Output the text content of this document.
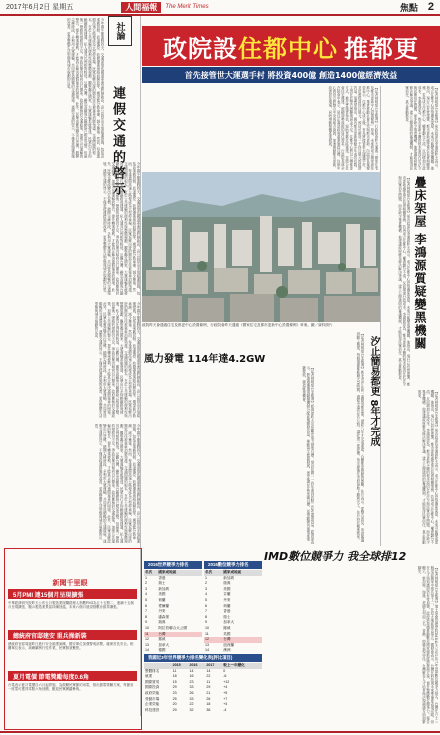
2017年6月2日 星期五	人間福報	The Merit Times	焦點 2
社論
連假交通的啓示
今年端午節連假四天，交通部預估國道車流量將創新高，高公局祭出多項疏運措施，包括高乘載管制、匝道儀控、收費優惠與路肩開放等，期望能分散車潮、減少壅塞。然而，每逢連假高速公路便成為大型停車場，民眾返鄉出遊的興致往往被塞車消磨殆盡。交通問題的根本，在於公共運輸的便利性與整體規劃。觀察鄰近國家，大眾運輸系統發達，民眾出行多仰賴鐵路與捷運，私人運具比例相對較低。反觀台灣，雖然高鐵與台鐵網絡已相當完整，但最後一哩路的接駁仍不足，導致民眾仍傾向自行開車。政府應檢討交通政策，加強公共運輸的整合，提升轉乘便利，才能真正解決連假塞車的困境。此外，民眾也應改變出行習慣，錯開尖峰時段，多利用大眾運輸，共同營造順暢的交通環境。連假交通的啓示，不僅是疏運措施的改善，更是整體生活型態與城市規劃的反思。
今年端午節連假四天，交通部預估國道車流量將創新高，高公局祭出多項疏運措施，包括高乘載管制、匝道儀控、收費優惠與路肩開放等，期望能分散車潮、減少壅塞。然而，每逢連假高速公路便成為大型停車場，民眾返鄉出遊的興致往往被塞車消磨殆盡。交通問題的根本，在於公共運輸的便利性與整體規劃。觀察鄰近國家，大眾運輸系統發達，民眾出行多仰賴鐵路與捷運，私人運具比例相對較低。反觀台灣，雖然高鐵與台鐵網絡已相當完整，但最後一哩路的接駁仍不足，導致民眾仍傾向自行開車。政府應檢討交通政策，加強公共運輸的整合，提升轉乘便利，才能真正解決連假塞車的困境。此外，民眾也應改變出行習慣，錯開尖峰時段，多利用大眾運輸，共同營造順暢的交通環境。連假交通的啓示，不僅是疏運措施的改善，更是整體生活型態與城市規劃的反思。
今年端午節連假四天，交通部預估國道車流量將創新高，高公局祭出多項疏運措施，包括高乘載管制、匝道儀控、收費優惠與路肩開放等，期望能分散車潮、減少壅塞。然而，每逢連假高速公路便成為大型停車場，民眾返鄉出遊的興致往往被塞車消磨殆盡。交通問題的根本，在於公共運輸的便利性與整體規劃。觀察鄰近國家，大眾運輸系統發達，民眾出行多仰賴鐵路與捷運，私人運具比例相對較低。反觀台灣，雖然高鐵與台鐵網絡已相當完整，但最後一哩路的接駁仍不足，導致民眾仍傾向自行開車。政府應檢討交通政策，加強公共運輸的整合，提升轉乘便利，才能真正解決連假塞車的困境。此外，民眾也應改變出行習慣，錯開尖峰時段，多利用大眾運輸，共同營造順暢的交通環境。連假交通的啓示，不僅是疏運措施的改善，更是整體生活型態與城市規劃的反思。
今年端午節連假四天，交通部預估國道車流量將創新高，高公局祭出多項疏運措施，包括高乘載管制、匝道儀控、收費優惠與路肩開放等，期望能分散車潮、減少壅塞。然而，每逢連假高速公路便成為大型停車場，民眾返鄉出遊的興致往往被塞車消磨殆盡。交通問題的根本，在於公共運輸的便利性與整體規劃。觀察鄰近國家，大眾運輸系統發達，民眾出行多仰賴鐵路與捷運，私人運具比例相對較低。反觀台灣，雖然高鐵與台鐵網絡已相當完整，但最後一哩路的接駁仍不足，導致民眾仍傾向自行開車。政府應檢討交通政策，加強公共運輸的整合，提升轉乘便利，才能真正解決連假塞車的困境。此外，民眾也應改變出行習慣，錯開尖峰時段，多利用大眾運輸，共同營造順暢的交通環境。連假交通的啓示，不僅是疏運措施的改善，更是整體生活型態與城市規劃的反思。
新聞千里眼
5月PMI 連15個月呈現擴張
中華經濟研究院昨天公布五月製造業採購經理人指數PMI為五十五點二，連續十五個月呈現擴張，顯示製造業景氣持續回溫，未來六個月展望指數亦維持擴張。
總統府官邸建安 重兵操新裝
總統府官邸周邊昨日進行安全維護演練，國安單位加強警戒部署，確保首長安全。相關單位表示，演練屬例行性作業，民眾無須驚慌。
夏月電價 節電獎勵每度0.6角
台電表示夏月電價自六月起實施，為鼓勵民眾節約用電，推出節電獎勵方案，每節省一度電可獲得零點六角回饋，歡迎民眾踴躍參與。
政院設 住都中心 推都更
首先接管世大運選手村 將投資400億 創造1400億經濟效益
【記者林明煌台北報導】行政院會昨天通過「國家住宅及都市更新中心設置條例」草案，未來將成立國家級住都中心，專責推動社會住宅與都市更新。內政部長葉俊榮表示，住都中心成立後，首先將接管世大運選手村，並計畫投資四百億元，預估可創造一千四百億元的經濟效益。葉俊榮指出，國內都市更新推動多年成效有限，主因在於整合困難與資金不足。住都中心將以公辦都更方式，擔任實施者角色，協助老舊社區重建，並結合社會住宅興建，照顧弱勢族群的居住需求。行政院長林全在院會中表示，居住正義是政府重要施政目標，住都中心的設立將整合中央與地方資源，加速推動都市更新，改善居住環境，同時帶動相關產業發展。
政院昨天會通過住宅及都更中心設置條例，行政院會昨天通過《國家住宅及都市更新中心設置條例》草案。圖／資料照片	疊床架屋 李鴻源質疑變黑機關
【記者林明煌台北報導】前內政部長李鴻源昨天表示，成立住都中心恐怕疊床架屋，未來可能變成黑機關。他指出，現行已有營建署、都市更新處等單位負責相關業務，若再成立住都中心，權責劃分不清，反而增加行政成本。李鴻源認為，都市更新卡關的根本原因在於法令與民眾信任問題，而非缺少專責機構。他建議政府應先修法解決爭議，建立公開透明的審議機制，才能取得民眾信任，真正推動都更。
【記者林明煌台北報導】前內政部長李鴻源昨天表示，成立住都中心恐怕疊床架屋，未來可能變成黑機關。他指出，現行已有營建署、都市更新處等單位負責相關業務，若再成立住都中心，權責劃分不清，反而增加行政成本。李鴻源認為，都市更新卡關的根本原因在於法令與民眾信任問題，而非缺少專責機構。他建議政府應先修法解決爭議，建立公開透明的審議機制，才能取得民眾信任，真正推動都更。
汐止簡易都更 8年才完成
【記者林明煌台北報導】新北市汐止區一處簡易都更案，歷經八年才完成重建，凸顯都更推動的困難。住戶表示，從整合意見、申請審議到動工興建，每個環節都耗費大量時間，過程中還有住戶反對，讓計畫一度停擺。所幸最後在市府協助下順利完工，住戶終於搬進新家。	【記者林明煌台北報導】前內政部長李鴻源昨天表示，成立住都中心恐怕疊床架屋，未來可能變成黑機關。他指出，現行已有營建署、都市更新處等單位負責相關業務，若再成立住都中心，權責劃分不清，反而增加行政成本。李鴻源認為，都市更新卡關的根本原因在於法令與民眾信任問題，而非缺少專責機構。他建議政府應先修法解決爭議，建立公開透明的審議機制，才能取得民眾信任，真正推動都更。
風力發電 114年達4.2GW
【記者林明煌台北報導】經濟部昨天宣布離岸風力發電目標，預計民國一一四年達到四點二GW裝置容量。經濟部表示，將透過遴選與競價機制分配區塊開發容量，推動再生能源發展，逐步落實非核家園目標，並帶動國內風電產業鏈發展，創造就業機會。
IMD數位競爭力 我全球排12
【記者林明煌台北報導】瑞士洛桑管理學院IMD昨天公布2017年世界數位競爭力排名，台灣在六十三個受評國家中排名第十二，在亞太地區排名第五。國發會表示，台灣在科技與未來準備度表現亮眼，但在人才與知識面仍有待加強，政府將持續推動數位國家創新經濟發展方案，提升整體數位競爭力。報告顯示，新加坡、瑞典、美國名列前三名，香港、南韓表現亦佳，台灣應在人才培育與法規調適方面加緊腳步。
2016世界競爭力排名
名次	國家或地區
1	香港
2	瑞士
3	新加坡
4	美國
5	荷蘭
6	愛爾蘭
7	丹麥
8	盧森堡
9	瑞典
10	阿拉伯聯合大公國
11	台灣
12	挪威
13	加拿大
14	德國
2016數位競爭力排名
名次	國家或地區
1	新加坡
2	瑞典
3	美國
4	芬蘭
5	丹麥
6	荷蘭
7	香港
8	瑞士
9	加拿大
10	挪威
11	英國
12	台灣
13	紐西蘭
14	澳洲
我國近3年世界競爭力排名變化表(評比項目)
	2015	2016	2017	較上一年變化
整體排名	11	14	14	0
就業	18	16	22	-6
國際貿易	15	23	11	+12
國際投資	29	33	29	+4
政府效能	23	26	21	+5
勞動市場	25	33	26	+7
企業效能	20	22	18	+4
科技建設	29	32	36	-4
